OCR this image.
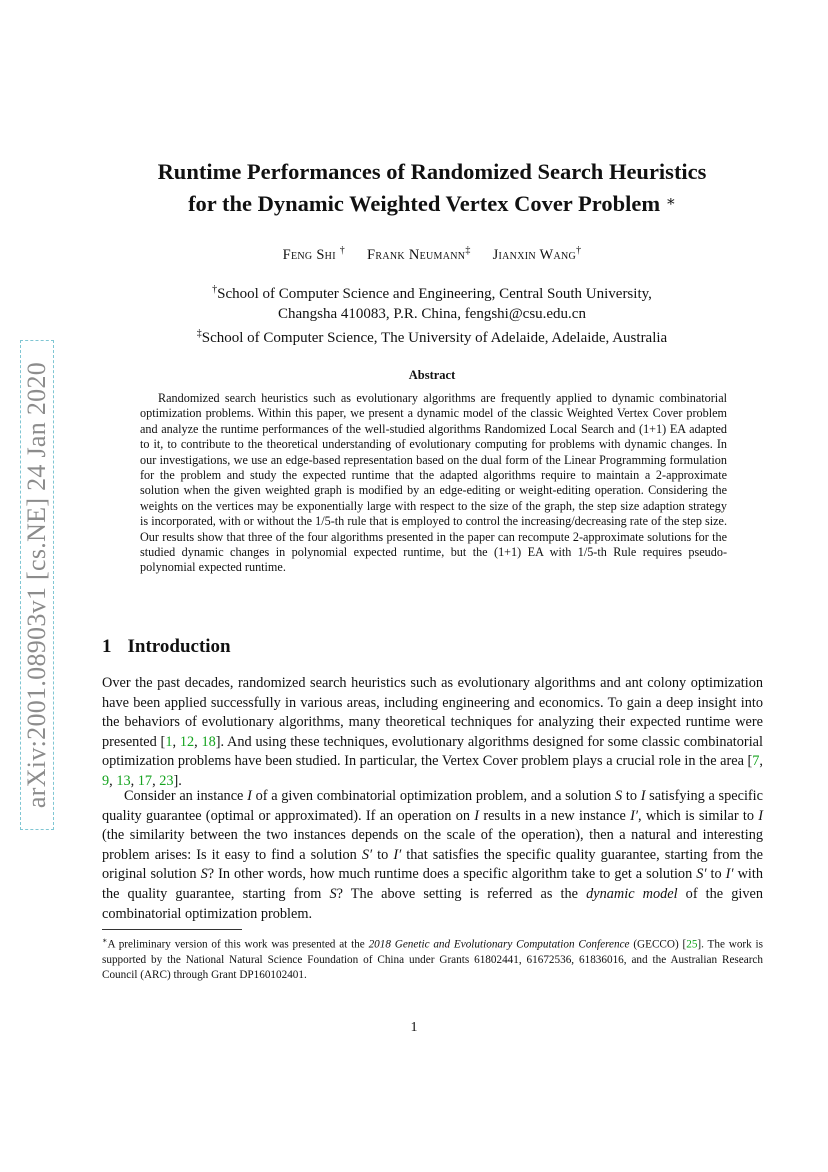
arXiv:2001.08903v1 [cs.NE] 24 Jan 2020
Runtime Performances of Randomized Search Heuristics
for the Dynamic Weighted Vertex Cover Problem ∗
Feng Shi † Frank Neumann‡ Jianxin Wang†
†School of Computer Science and Engineering, Central South University,
Changsha 410083, P.R. China, fengshi@csu.edu.cn
‡School of Computer Science, The University of Adelaide, Adelaide, Australia
Abstract

Randomized search heuristics such as evolutionary algorithms are frequently applied to dynamic combinatorial optimization problems. Within this paper, we present a dynamic model of the classic Weighted Vertex Cover problem and analyze the runtime performances of the well-studied algorithms Randomized Local Search and (1+1) EA adapted to it, to contribute to the theoretical understanding of evolutionary computing for problems with dynamic changes. In our investigations, we use an edge-based representation based on the dual form of the Linear Programming formulation for the problem and study the expected runtime that the adapted algorithms require to maintain a 2-approximate solution when the given weighted graph is modified by an edge-editing or weight-editing operation. Considering the weights on the vertices may be exponentially large with respect to the size of the graph, the step size adaption strategy is incorporated, with or without the 1/5-th rule that is employed to control the increasing/decreasing rate of the step size. Our results show that three of the four algorithms presented in the paper can recompute 2-approximate solutions for the studied dynamic changes in polynomial expected runtime, but the (1+1) EA with 1/5-th Rule requires pseudo-polynomial expected runtime.

1 Introduction

Over the past decades, randomized search heuristics such as evolutionary algorithms and ant colony optimization have been applied successfully in various areas, including engineering and economics. To gain a deep insight into the behaviors of evolutionary algorithms, many theoretical techniques for analyzing their expected runtime were presented [1, 12, 18]. And using these techniques, evolutionary algorithms designed for some classic combinatorial optimization problems have been studied. In particular, the Vertex Cover problem plays a crucial role in the area [7, 9, 13, 17, 23].

Consider an instance I of a given combinatorial optimization problem, and a solution S to I satisfying a specific quality guarantee (optimal or approximated). If an operation on I results in a new instance I′, which is similar to I (the similarity between the two instances depends on the scale of the operation), then a natural and interesting problem arises: Is it easy to find a solution S′ to I′ that satisfies the specific quality guarantee, starting from the original solution S? In other words, how much runtime does a specific algorithm take to get a solution S′ to I′ with the quality guarantee, starting from S? The above setting is referred as the dynamic model of the given combinatorial optimization problem.

∗A preliminary version of this work was presented at the 2018 Genetic and Evolutionary Computation Conference (GECCO) [25]. The work is supported by the National Natural Science Foundation of China under Grants 61802441, 61672536, 61836016, and the Australian Research Council (ARC) through Grant DP160102401.

1
